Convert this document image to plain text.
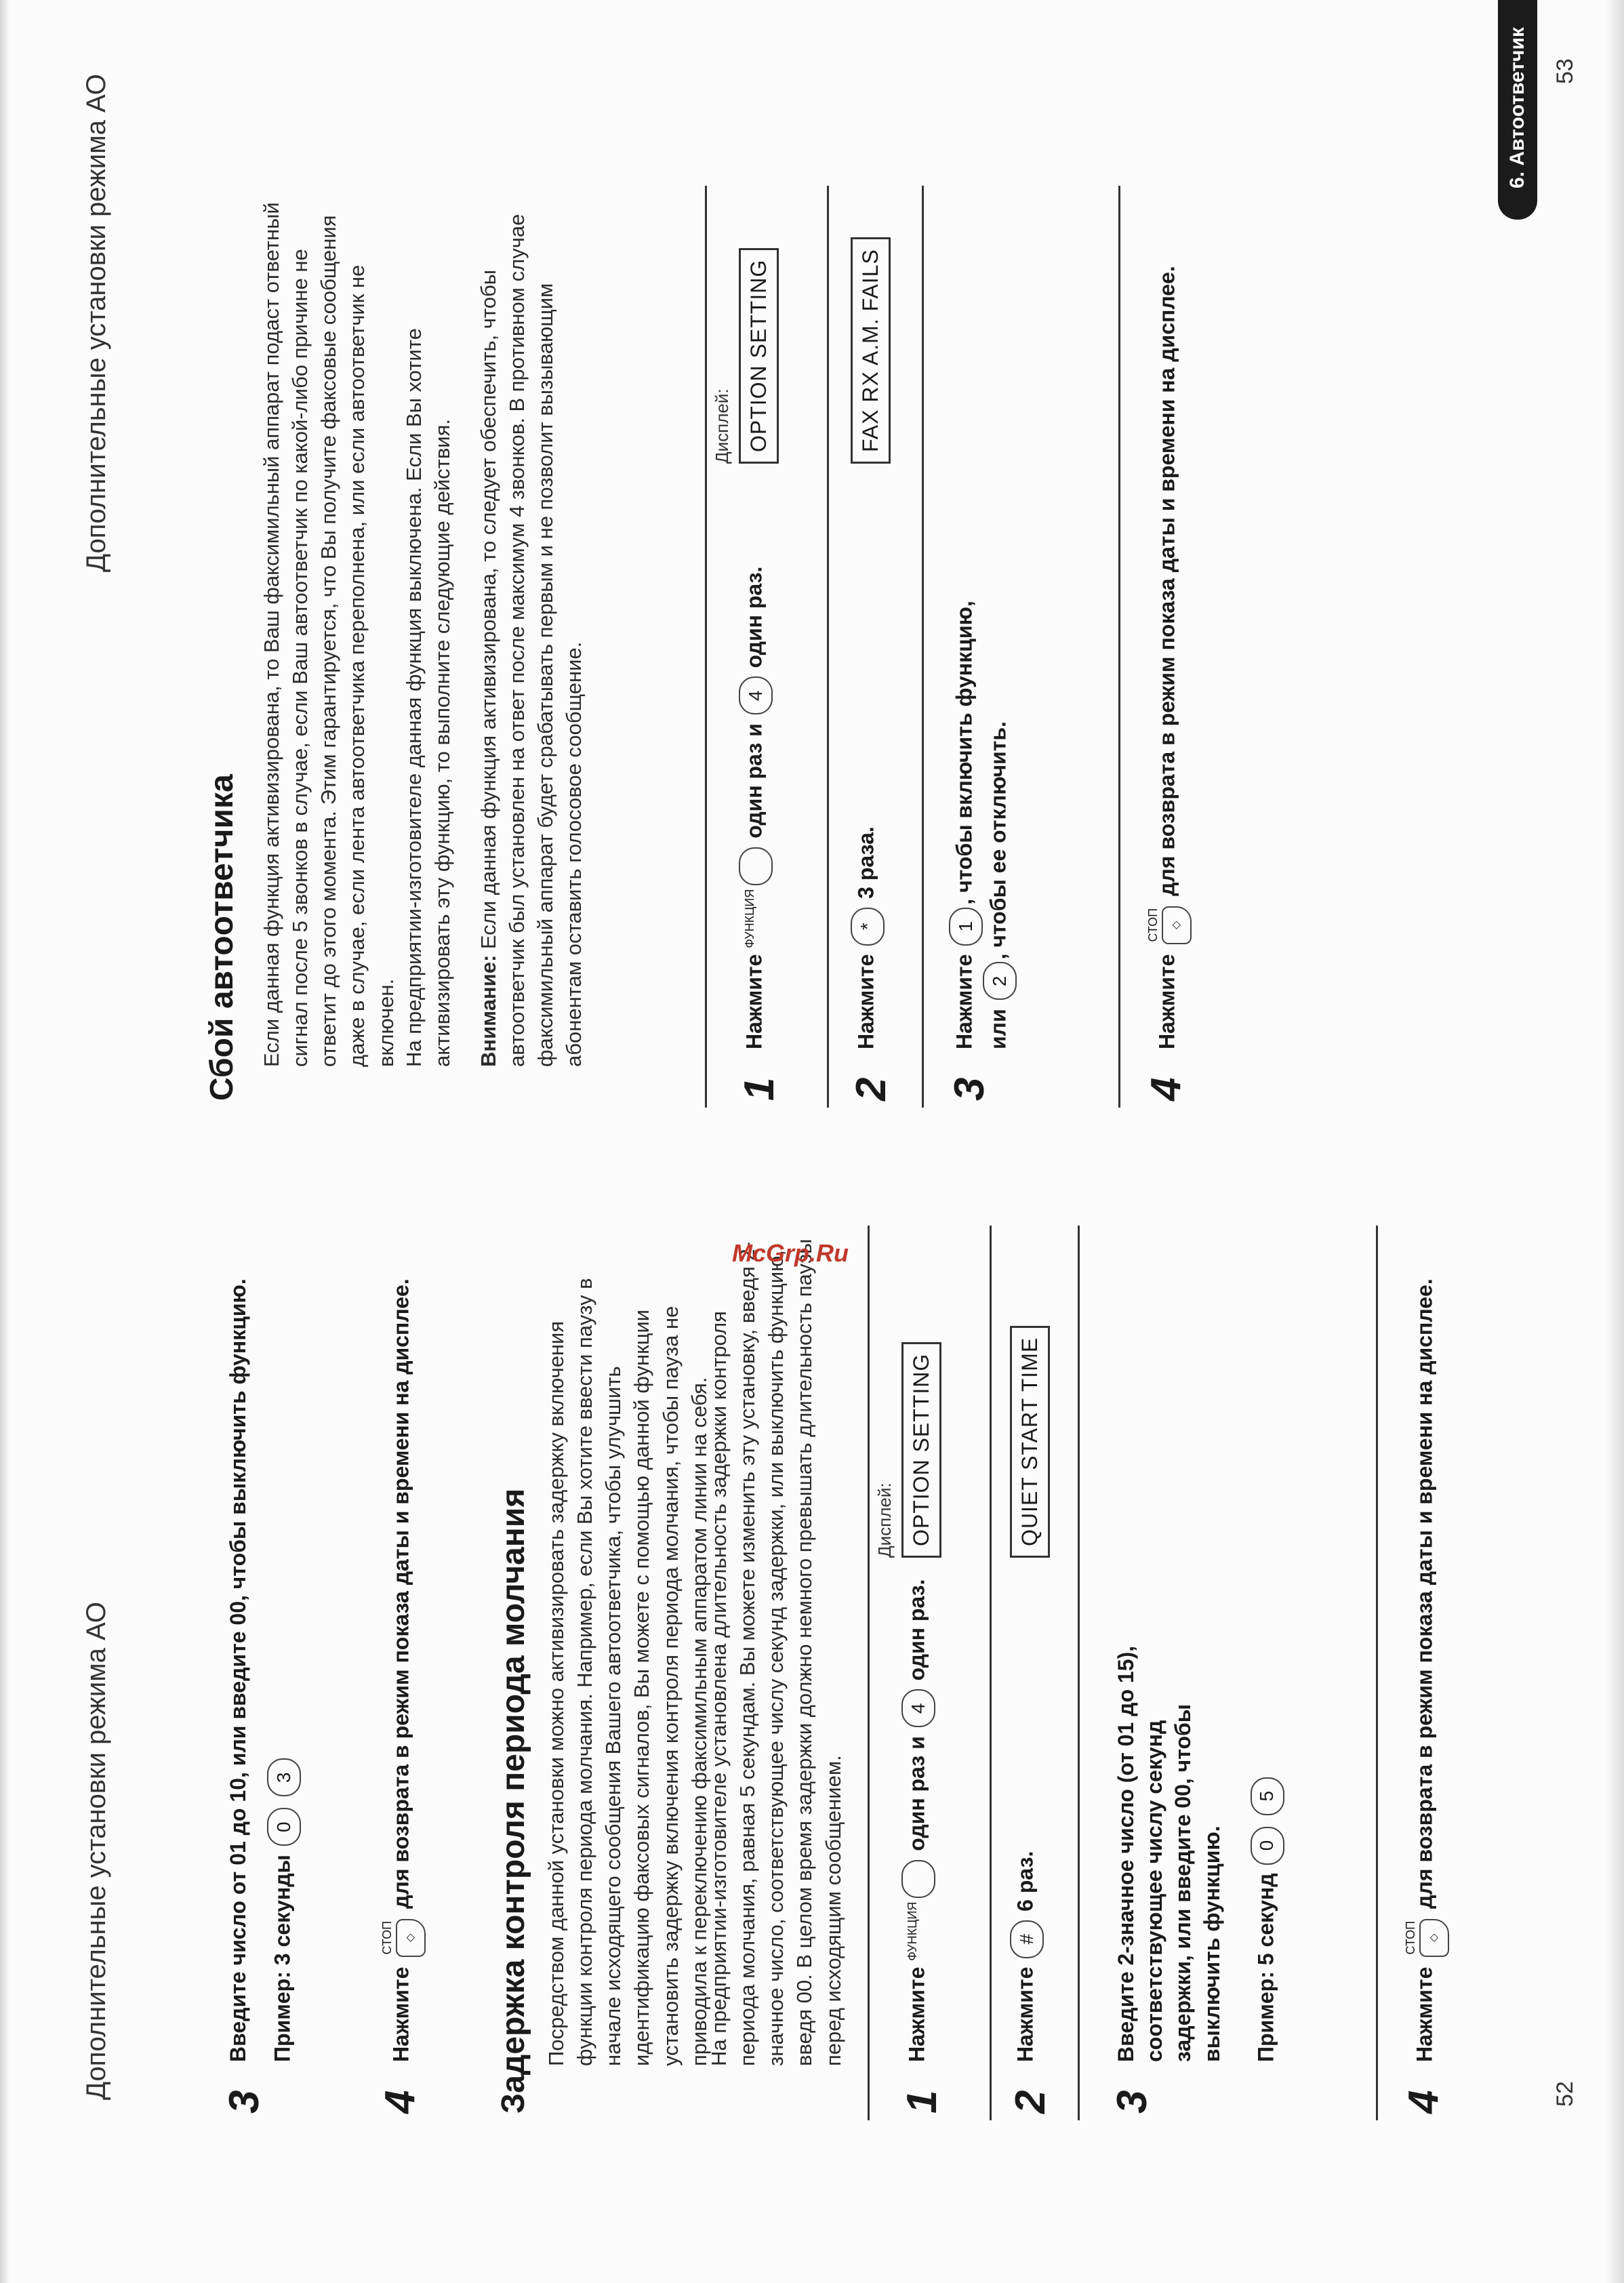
Дополнительные установки режима АО	52
3
Введите число от 01 до 10, или введите 00, чтобы выключить функцию. Пример: 3 секунды 0 3
4
Нажмите
СТОП	◇
для возврата в режим показа даты и времени на дисплее.	Задержка контроля периода молчания Посредством данной установки можно активизировать задержку включения функции контроля периода молчания. Например, если Вы хотите ввести паузу в начале исходящего сообщения Вашего автоответчика, чтобы улучшить идентификацию факсовых сигналов, Вы можете с помощью данной функции установить задержку включения контроля периода молчания, чтобы пауза не приводила к переключению факсимильным аппаратом линии на себя.
На предприятии-изготовителе установлена длительность задержки контроля периода молчания, равная 5 секундам. Вы можете изменить эту установку, введя 2-значное число, соответствующее числу секунд задержки, или выключить функцию, введя 00. В целом время задержки должно немного превышать длительность паузы перед исходящим сообщением.
Дисплей:
1
Нажмите $^{ФУНКЦИЯ}$  один раз и 4 один раз.
OPTION SETTING
2
Нажмите # 6 раз.
QUIET START TIME
3
Введите 2-значное число (от 01 до 15), соответствующее числу секунд задержки, или введите 00, чтобы выключить функцию. Пример: 5 секунд 0 5
4
Нажмите
СТОП	◇
для возврата в режим показа даты и времени на дисплее.
McGrp.Ru
Дополнительные установки режима АО
53
6. Автоответчик
Сбой автоответчика Если данная функция активизирована, то Ваш факсимильный аппарат подаст ответный сигнал после 5 звонков в случае, если Ваш автоответчик по какой-либо причине не ответит до этого момента. Этим гарантируется, что Вы получите факсовые сообщения даже в случае, если лента автоответчика переполнена, или если автоответчик не включен. На предприятии-изготовителе данная функция выключена. Если Вы хотите активизировать эту функцию, то выполните следующие действия. Внимание: Если данная функция активизирована, то следует обеспечить, чтобы автоответчик был установлен на ответ после максимум 4 звонков. В противном случае факсимильный аппарат будет срабатывать первым и не позволит вызывающим абонентам оставить голосовое сообщение.
Дисплей:
1
Нажмите $^{ФУНКЦИЯ}$  один раз и 4 один раз.
OPTION SETTING
2
Нажмите * 3 раза.
FAX RX A.M. FAILS
3
Нажмите 1, чтобы включить функцию, или 2, чтобы ее отключить.
4
Нажмите
СТОП	◇
для возврата в режим показа даты и времени на дисплее.
